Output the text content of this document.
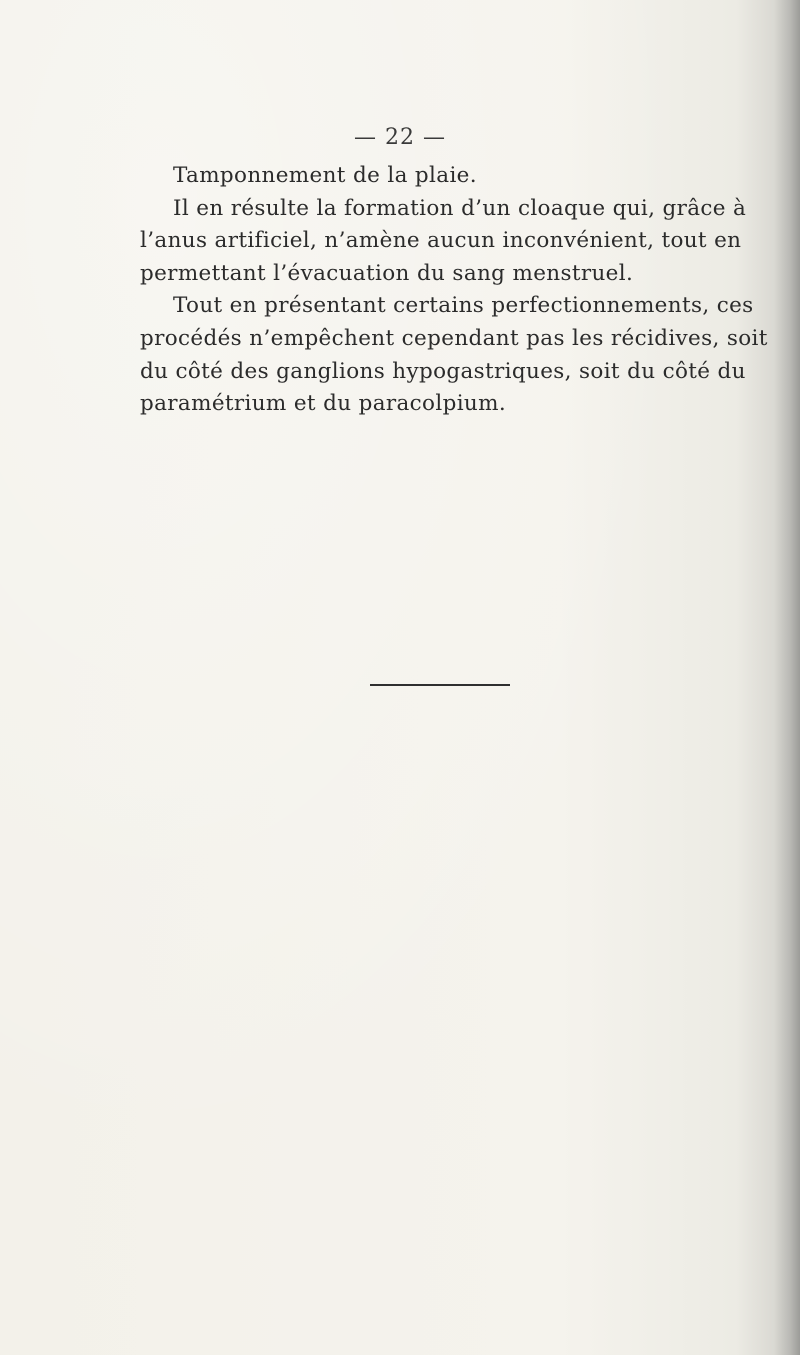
— 22 —
Tamponnement de la plaie.
Il en résulte la formation d’un cloaque qui, grâce à
l’anus artificiel, n’amène aucun inconvénient, tout en
permettant l’évacuation du sang menstruel.
Tout en présentant certains perfectionnements, ces
procédés n’empêchent cependant pas les récidives, soit
du côté des ganglions hypogastriques, soit du côté du
paramétrium et du paracolpium.
